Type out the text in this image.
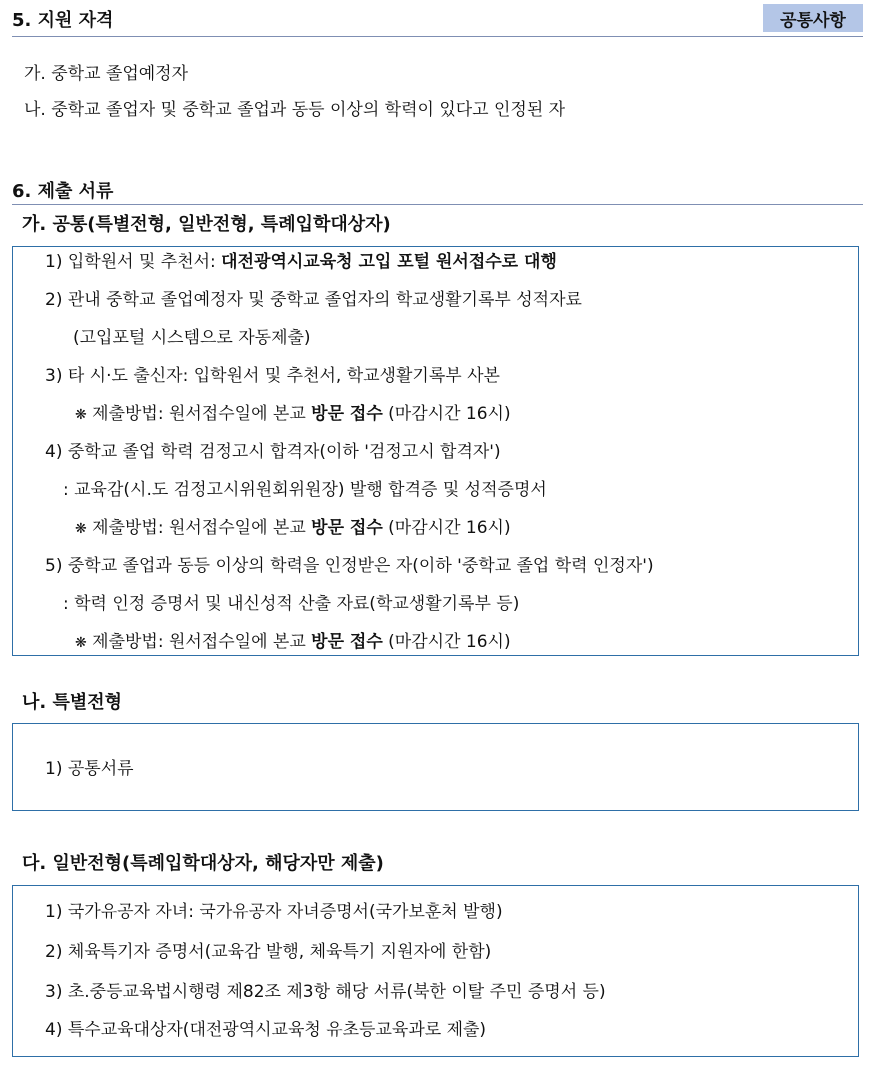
5. 지원 자격	공통사항
가. 중학교 졸업예정자
나. 중학교 졸업자 및 중학교 졸업과 동등 이상의 학력이 있다고 인정된 자
6. 제출 서류
가. 공통(특별전형, 일반전형, 특례입학대상자)
1) 입학원서 및 추천서: 대전광역시교육청 고입 포털 원서접수로 대행
2) 관내 중학교 졸업예정자 및 중학교 졸업자의 학교생활기록부 성적자료
(고입포털 시스템으로 자동제출)
3) 타 시·도 출신자: 입학원서 및 추천서, 학교생활기록부 사본
❋ 제출방법: 원서접수일에 본교 방문 접수 (마감시간 16시)
4) 중학교 졸업 학력 검정고시 합격자(이하 '검정고시 합격자')
: 교육감(시.도 검정고시위원회위원장) 발행 합격증 및 성적증명서
❋ 제출방법: 원서접수일에 본교 방문 접수 (마감시간 16시)
5) 중학교 졸업과 동등 이상의 학력을 인정받은 자(이하 '중학교 졸업 학력 인정자')
: 학력 인정 증명서 및 내신성적 산출 자료(학교생활기록부 등)
❋ 제출방법: 원서접수일에 본교 방문 접수 (마감시간 16시)
나. 특별전형
1) 공통서류
다. 일반전형(특례입학대상자, 해당자만 제출)
1) 국가유공자 자녀: 국가유공자 자녀증명서(국가보훈처 발행)
2) 체육특기자 증명서(교육감 발행, 체육특기 지원자에 한함)
3) 초.중등교육법시행령 제82조 제3항 해당 서류(북한 이탈 주민 증명서 등)
4) 특수교육대상자(대전광역시교육청 유초등교육과로 제출)
